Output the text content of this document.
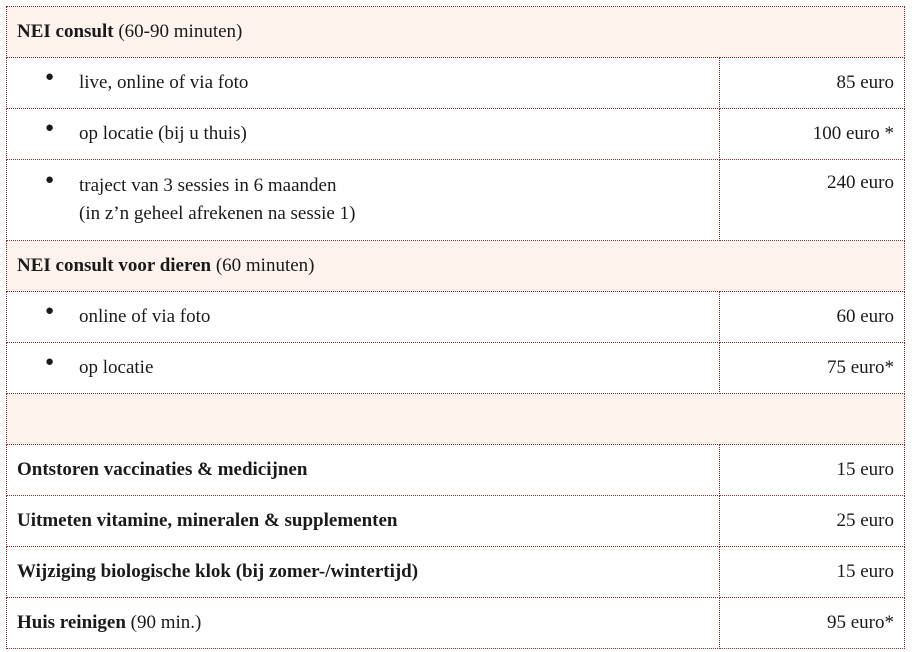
NEI consult (60-90 minuten)	
● live, online of via foto	85 euro
● op locatie (bij u thuis)	100 euro *
● traject van 3 sessies in 6 maanden
(in z’n geheel afrekenen na sessie 1)	240 euro
NEI consult voor dieren (60 minuten)	
● online of via foto	60 euro
● op locatie	75 euro*

Ontstoren vaccinaties & medicijnen	15 euro
Uitmeten vitamine, mineralen & supplementen	25 euro
Wijziging biologische klok (bij zomer-/wintertijd)	15 euro
Huis reinigen (90 min.)	95 euro*
